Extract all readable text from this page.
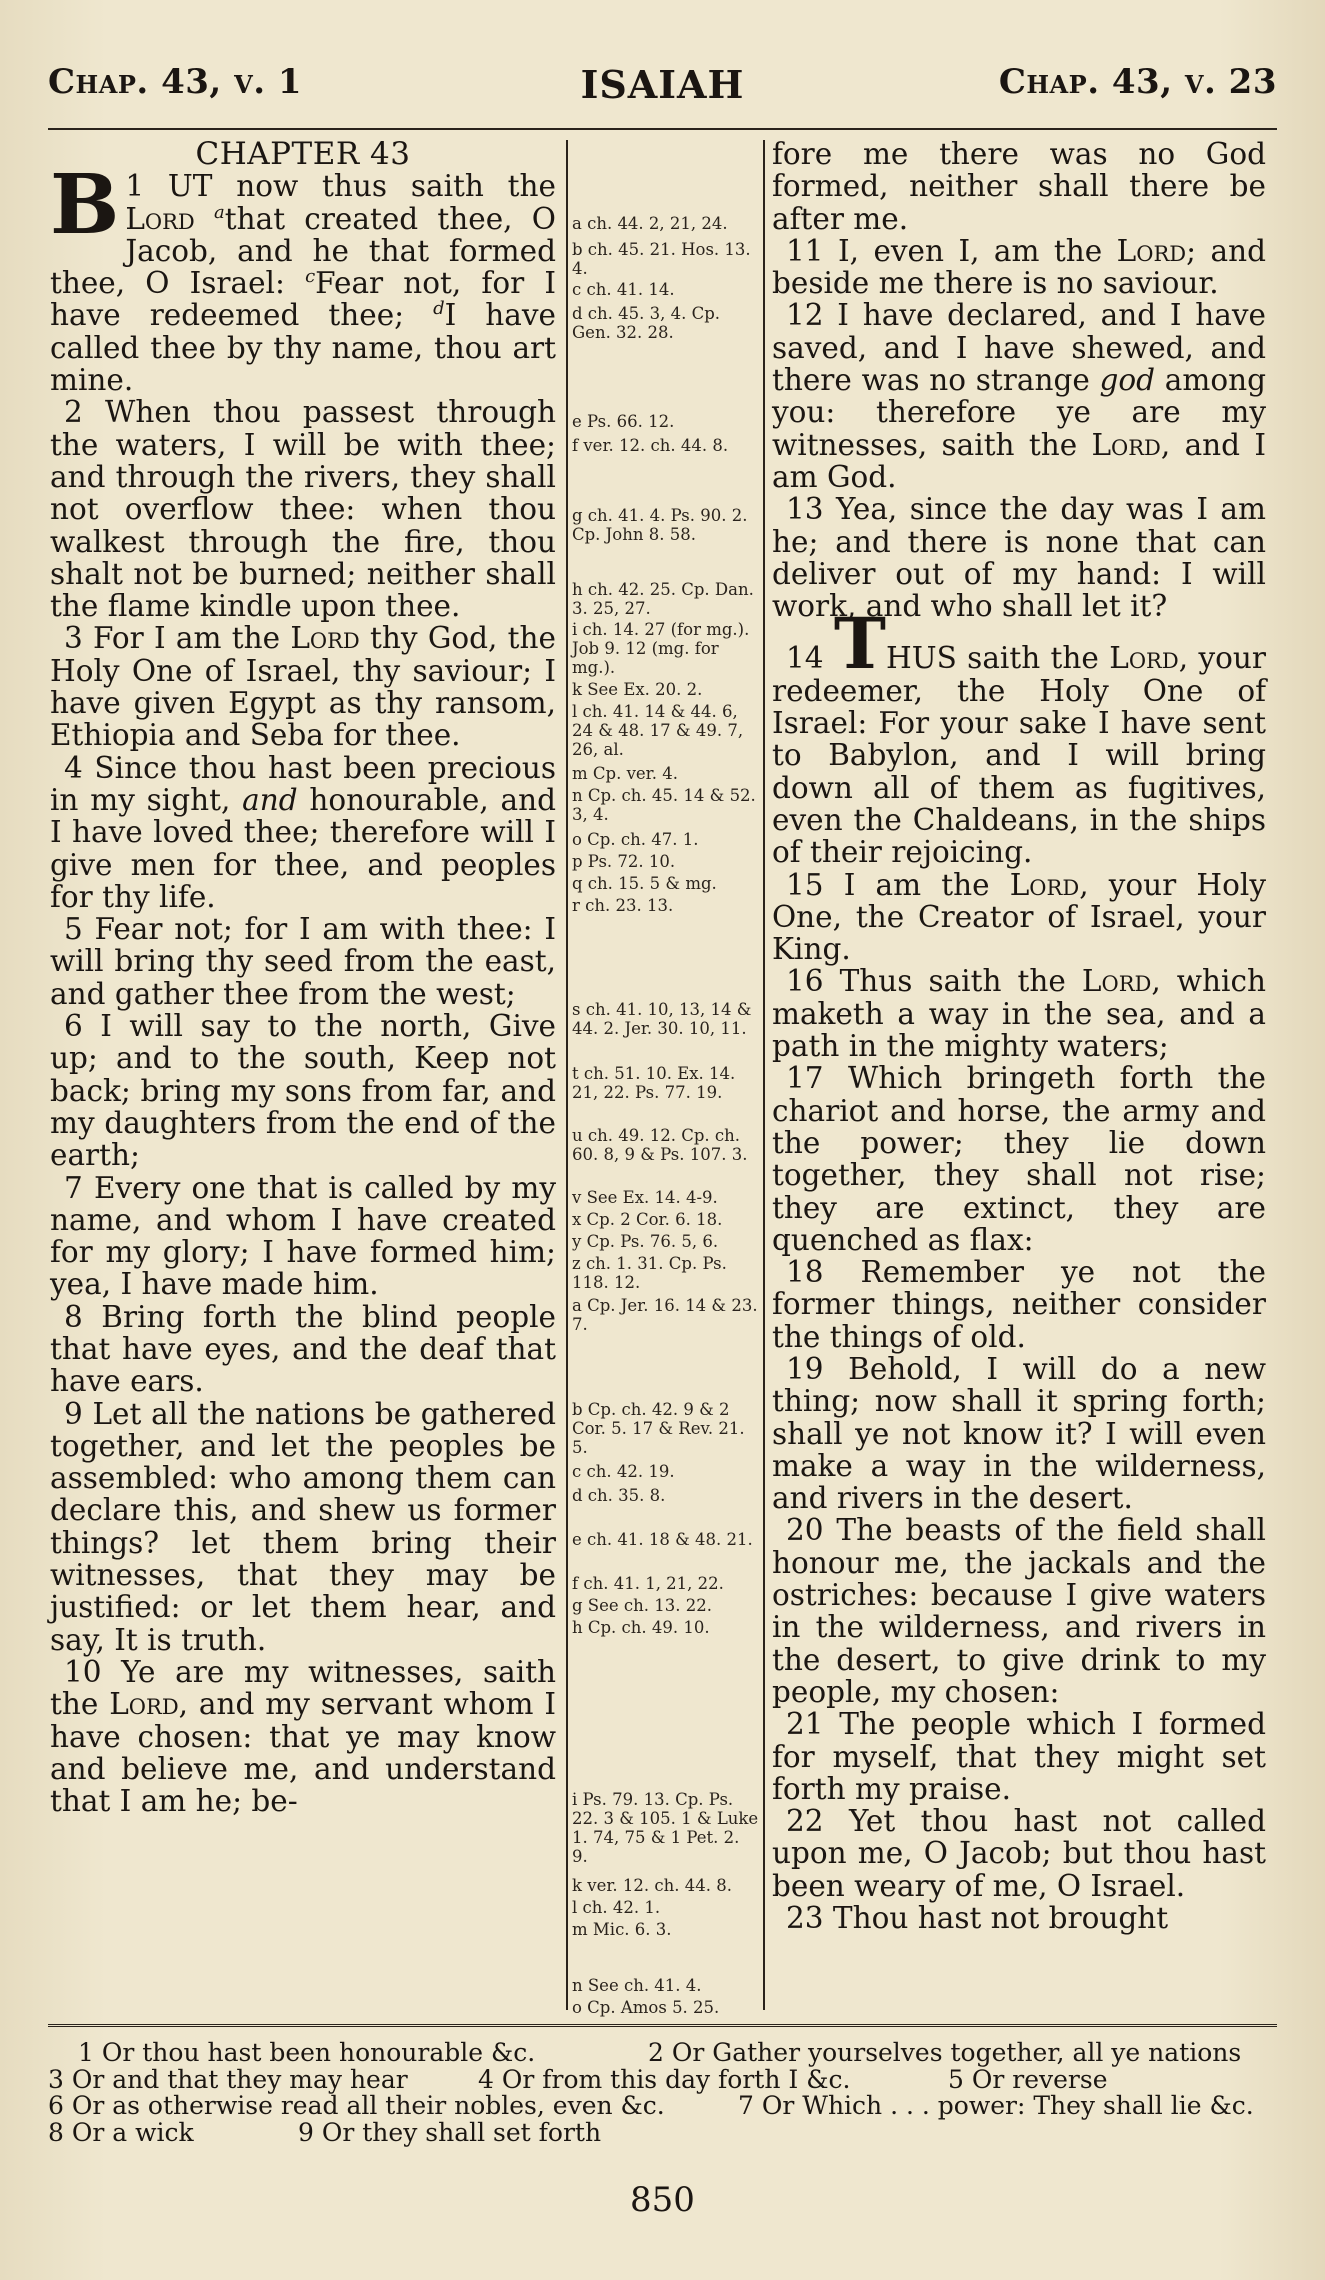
Chap. 43, v. 1	ISAIAH	Chap. 43, v. 23

CHAPTER 43

1
B UT now thus saith the Lord $^a$that created thee, O Jacob, and he that formed thee, O Israel: $^c$Fear not, for I have redeemed thee; $^d$I have called thee by thy name, thou art mine.

2 When thou passest through the waters, I will be with thee; and through the rivers, they shall not overflow thee: when thou walkest through the fire, thou shalt not be burned; neither shall the flame kindle upon thee.

3 For I am the Lord thy God, the Holy One of Israel, thy saviour; I have given Egypt as thy ransom, Ethiopia and Seba for thee.

4 Since thou hast been precious in my sight, and honourable, and I have loved thee; therefore will I give men for thee, and peoples for thy life.

5 Fear not; for I am with thee: I will bring thy seed from the east, and gather thee from the west;

6 I will say to the north, Give up; and to the south, Keep not back; bring my sons from far, and my daughters from the end of the earth;

7 Every one that is called by my name, and whom I have created for my glory; I have formed him; yea, I have made him.

8 Bring forth the blind people that have eyes, and the deaf that have ears.

9 Let all the nations be gathered together, and let the peoples be assembled: who among them can declare this, and shew us former things? let them bring their witnesses, that they may be justified: or let them hear, and say, It is truth.

10 Ye are my witnesses, saith the Lord, and my servant whom I have chosen: that ye may know and believe me, and understand that I am he; be-

a ch. 44. 2, 21, 24.
b ch. 45. 21. Hos. 13. 4.
c ch. 41. 14.
d ch. 45. 3, 4. Cp. Gen. 32. 28.
e Ps. 66. 12.
f ver. 12. ch. 44. 8.
g ch. 41. 4. Ps. 90. 2. Cp. John 8. 58.
h ch. 42. 25. Cp. Dan. 3. 25, 27.
i ch. 14. 27 (for mg.). Job 9. 12 (mg. for mg.).
k See Ex. 20. 2.
l ch. 41. 14 & 44. 6, 24 & 48. 17 & 49. 7, 26, al.
m Cp. ver. 4.
n Cp. ch. 45. 14 & 52. 3, 4.
o Cp. ch. 47. 1.
p Ps. 72. 10.
q ch. 15. 5 & mg.
r ch. 23. 13.
s ch. 41. 10, 13, 14 & 44. 2. Jer. 30. 10, 11.
t ch. 51. 10. Ex. 14. 21, 22. Ps. 77. 19.
u ch. 49. 12. Cp. ch. 60. 8, 9 & Ps. 107. 3.
v See Ex. 14. 4-9.
x Cp. 2 Cor. 6. 18.
y Cp. Ps. 76. 5, 6.
z ch. 1. 31. Cp. Ps. 118. 12.
a Cp. Jer. 16. 14 & 23. 7.
b Cp. ch. 42. 9 & 2 Cor. 5. 17 & Rev. 21. 5.
c ch. 42. 19.
d ch. 35. 8.
e ch. 41. 18 & 48. 21.
f ch. 41. 1, 21, 22.
g See ch. 13. 22.
h Cp. ch. 49. 10.
i Ps. 79. 13. Cp. Ps. 22. 3 & 105. 1 & Luke 1. 74, 75 & 1 Pet. 2. 9.
k ver. 12. ch. 44. 8.
l ch. 42. 1.
m Mic. 6. 3.
n See ch. 41. 4.
o Cp. Amos 5. 25.

fore me there was no God formed, neither shall there be after me.

11 I, even I, am the Lord; and beside me there is no saviour.

12 I have declared, and I have saved, and I have shewed, and there was no strange god among you: therefore ye are my witnesses, saith the Lord, and I am God.

13 Yea, since the day was I am he; and there is none that can deliver out of my hand: I will work, and who shall let it?

14 THUS saith the Lord, your redeemer, the Holy One of Israel: For your sake I have sent to Babylon, and I will bring down all of them as fugitives, even the Chaldeans, in the ships of their rejoicing.

15 I am the Lord, your Holy One, the Creator of Israel, your King.

16 Thus saith the Lord, which maketh a way in the sea, and a path in the mighty waters;

17 Which bringeth forth the chariot and horse, the army and the power; they lie down together, they shall not rise; they are extinct, they are quenched as flax:

18 Remember ye not the former things, neither consider the things of old.

19 Behold, I will do a new thing; now shall it spring forth; shall ye not know it? I will even make a way in the wilderness, and rivers in the desert.

20 The beasts of the field shall honour me, the jackals and the ostriches: because I give waters in the wilderness, and rivers in the desert, to give drink to my people, my chosen:

21 The people which I formed for myself, that they might set forth my praise.

22 Yet thou hast not called upon me, O Jacob; but thou hast been weary of me, O Israel.

23 Thou hast not brought

1 Or thou hast been honourable &c.	2 Or Gather yourselves together, all ye nations
3 Or and that they may hear	4 Or from this day forth I &c.	5 Or reverse
6 Or as otherwise read all their nobles, even &c.	7 Or Which . . . power: They shall lie &c.
8 Or a wick	9 Or they shall set forth
850
